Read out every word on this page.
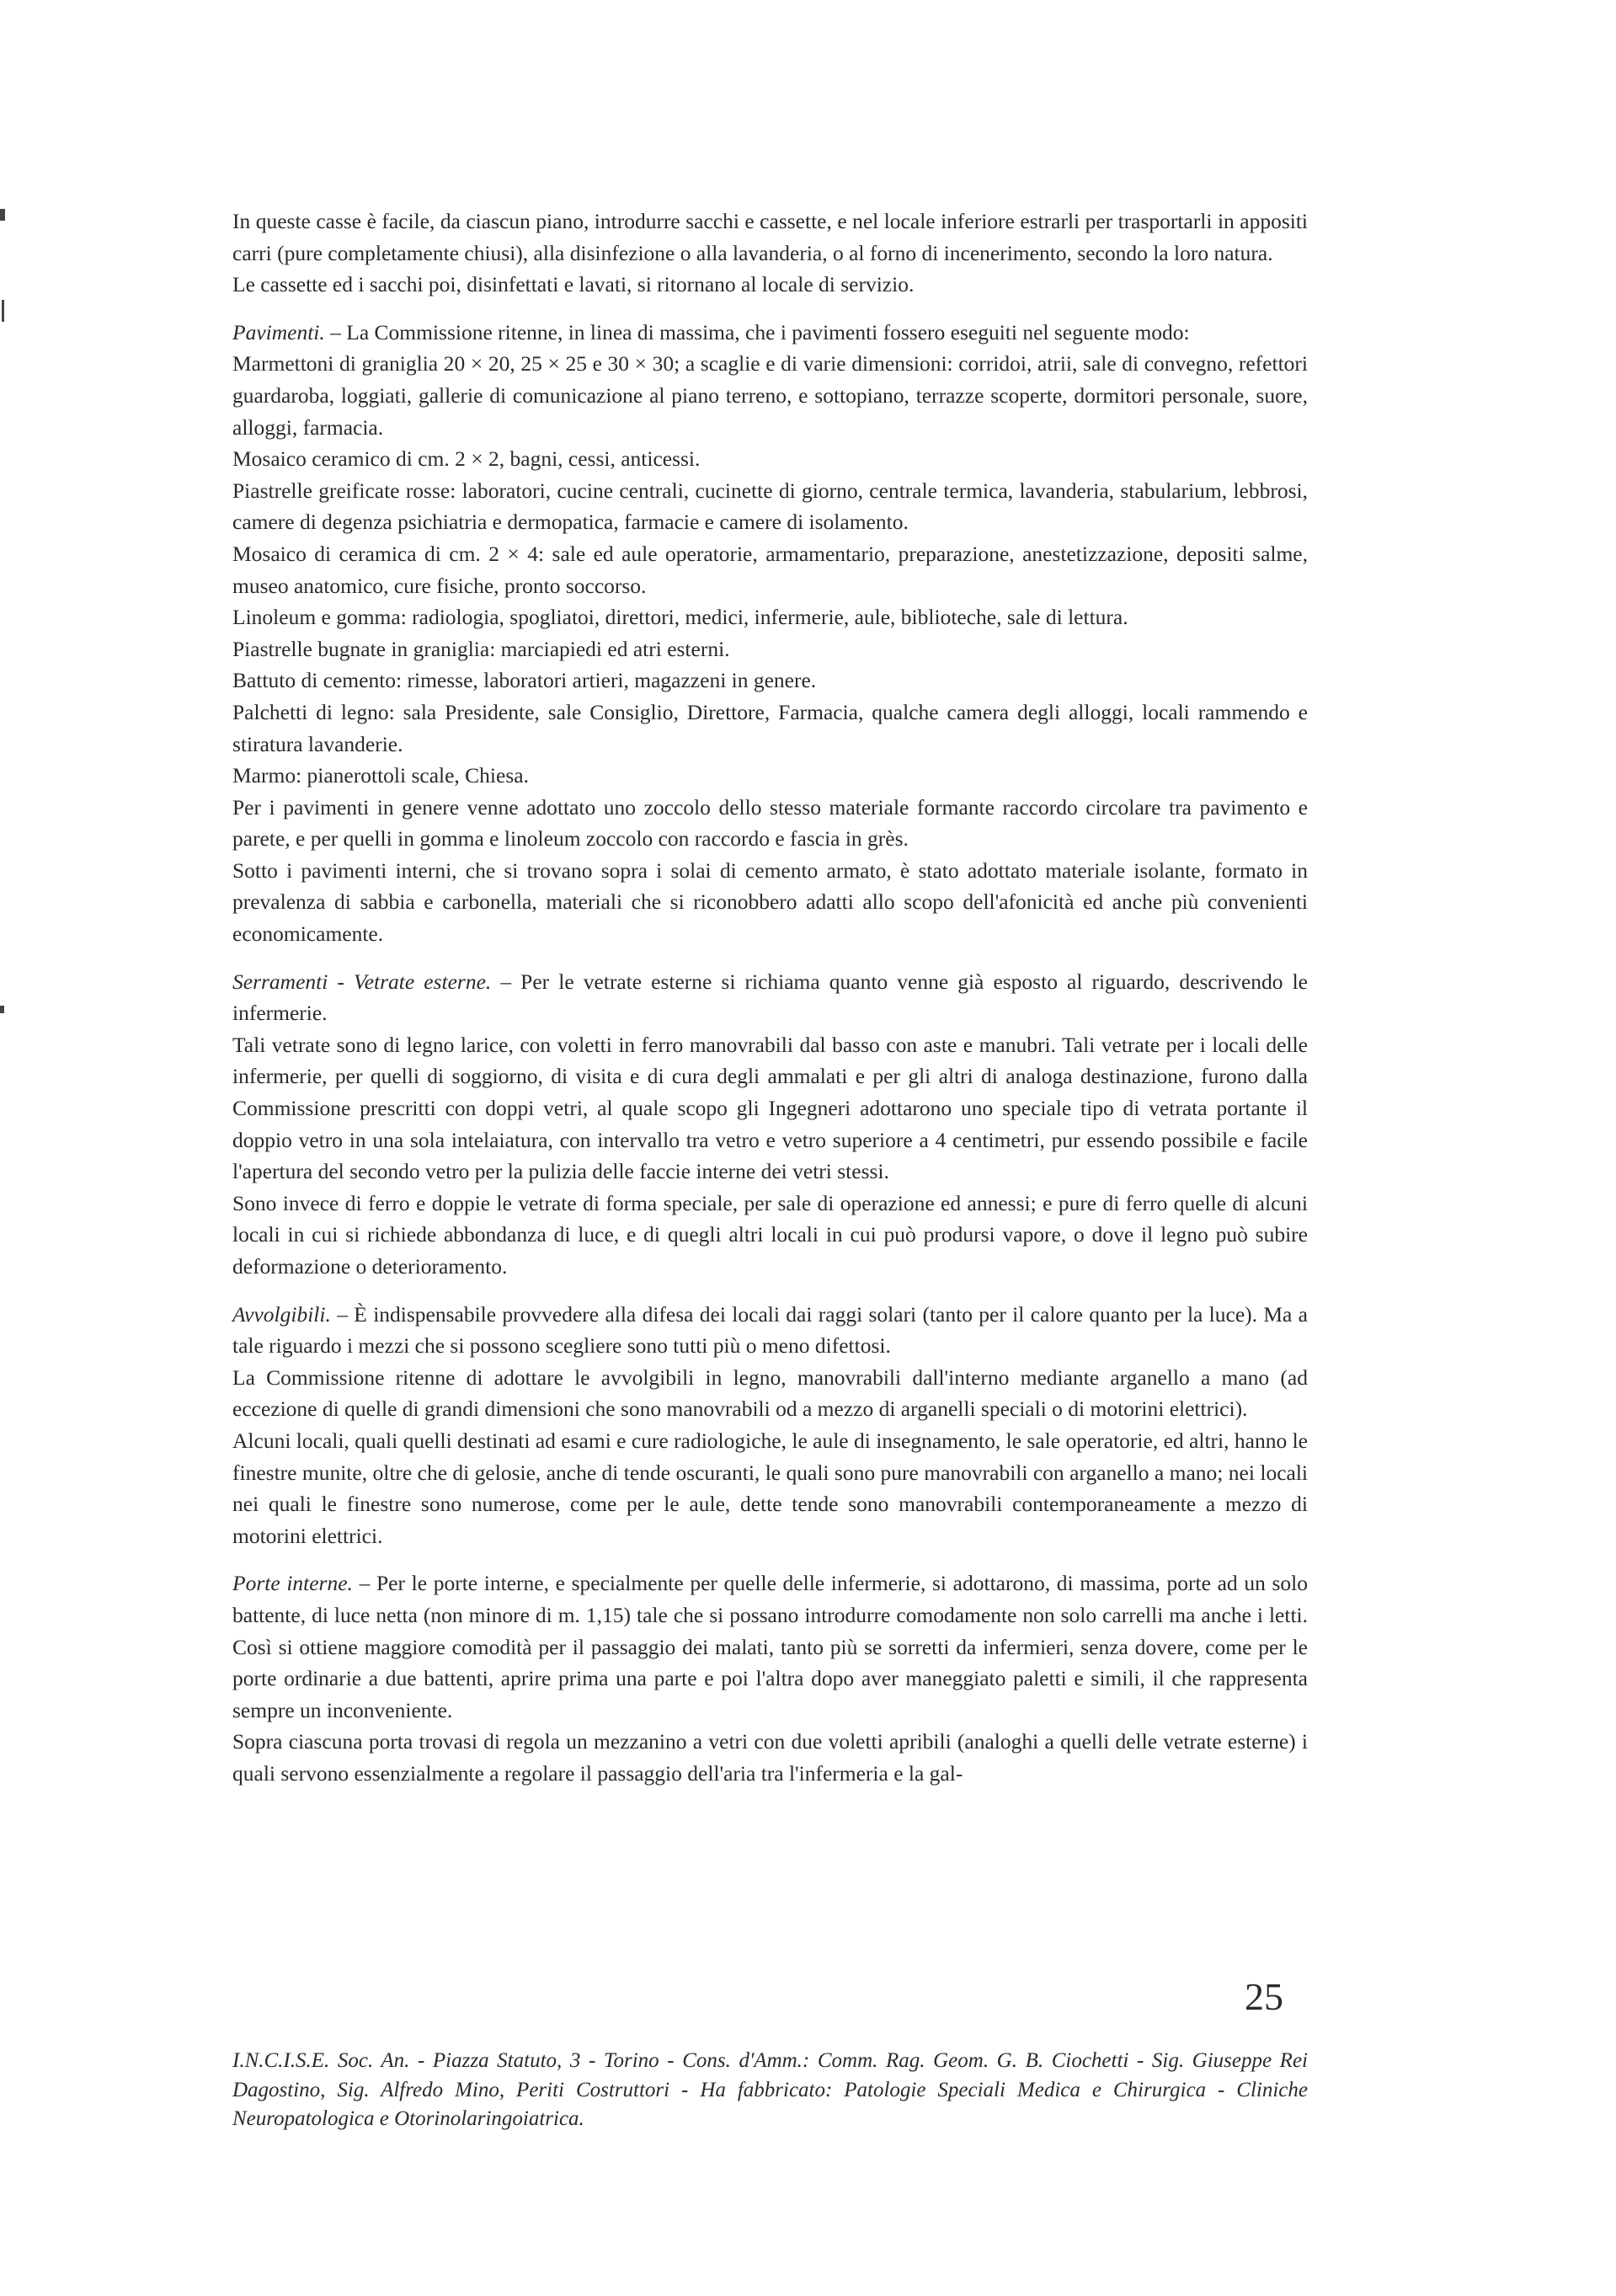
In queste casse è facile, da ciascun piano, introdurre sacchi e cassette, e nel locale inferiore estrarli per trasportarli in appositi carri (pure completamente chiusi), alla disinfezione o alla lavanderia, o al forno di incenerimento, secondo la loro natura.

Le cassette ed i sacchi poi, disinfettati e lavati, si ritornano al locale di servizio.

Pavimenti. – La Commissione ritenne, in linea di massima, che i pavimenti fossero eseguiti nel seguente modo:

Marmettoni di graniglia 20 × 20, 25 × 25 e 30 × 30; a scaglie e di varie dimensioni: corridoi, atrii, sale di convegno, refettori guardaroba, loggiati, gallerie di comunicazione al piano terreno, e sottopiano, terrazze scoperte, dormitori personale, suore, alloggi, farmacia.

Mosaico ceramico di cm. 2 × 2, bagni, cessi, anticessi.

Piastrelle greificate rosse: laboratori, cucine centrali, cucinette di giorno, centrale termica, lavanderia, stabularium, lebbrosi, camere di degenza psichiatria e dermopatica, farmacie e camere di isolamento.

Mosaico di ceramica di cm. 2 × 4: sale ed aule operatorie, armamentario, preparazione, anestetizzazione, depositi salme, museo anatomico, cure fisiche, pronto soccorso.

Linoleum e gomma: radiologia, spogliatoi, direttori, medici, infermerie, aule, biblioteche, sale di lettura.

Piastrelle bugnate in graniglia: marciapiedi ed atri esterni.

Battuto di cemento: rimesse, laboratori artieri, magazzeni in genere.

Palchetti di legno: sala Presidente, sale Consiglio, Direttore, Farmacia, qualche camera degli alloggi, locali rammendo e stiratura lavanderie.

Marmo: pianerottoli scale, Chiesa.

Per i pavimenti in genere venne adottato uno zoccolo dello stesso materiale formante raccordo circolare tra pavimento e parete, e per quelli in gomma e linoleum zoccolo con raccordo e fascia in grès.

Sotto i pavimenti interni, che si trovano sopra i solai di cemento armato, è stato adottato materiale isolante, formato in prevalenza di sabbia e carbonella, materiali che si riconobbero adatti allo scopo dell'afonicità ed anche più convenienti economicamente.

Serramenti - Vetrate esterne. – Per le vetrate esterne si richiama quanto venne già esposto al riguardo, descrivendo le infermerie.

Tali vetrate sono di legno larice, con voletti in ferro manovrabili dal basso con aste e manubri. Tali vetrate per i locali delle infermerie, per quelli di soggiorno, di visita e di cura degli ammalati e per gli altri di analoga destinazione, furono dalla Commissione prescritti con doppi vetri, al quale scopo gli Ingegneri adottarono uno speciale tipo di vetrata portante il doppio vetro in una sola intelaiatura, con intervallo tra vetro e vetro superiore a 4 centimetri, pur essendo possibile e facile l'apertura del secondo vetro per la pulizia delle faccie interne dei vetri stessi.

Sono invece di ferro e doppie le vetrate di forma speciale, per sale di operazione ed annessi; e pure di ferro quelle di alcuni locali in cui si richiede abbondanza di luce, e di quegli altri locali in cui può prodursi vapore, o dove il legno può subire deformazione o deterioramento.

Avvolgibili. – È indispensabile provvedere alla difesa dei locali dai raggi solari (tanto per il calore quanto per la luce). Ma a tale riguardo i mezzi che si possono scegliere sono tutti più o meno difettosi.

La Commissione ritenne di adottare le avvolgibili in legno, manovrabili dall'interno mediante arganello a mano (ad eccezione di quelle di grandi dimensioni che sono manovrabili od a mezzo di arganelli speciali o di motorini elettrici).

Alcuni locali, quali quelli destinati ad esami e cure radiologiche, le aule di insegnamento, le sale operatorie, ed altri, hanno le finestre munite, oltre che di gelosie, anche di tende oscuranti, le quali sono pure manovrabili con arganello a mano; nei locali nei quali le finestre sono numerose, come per le aule, dette tende sono manovrabili contemporaneamente a mezzo di motorini elettrici.

Porte interne. – Per le porte interne, e specialmente per quelle delle infermerie, si adottarono, di massima, porte ad un solo battente, di luce netta (non minore di m. 1,15) tale che si possano introdurre comodamente non solo carrelli ma anche i letti. Così si ottiene maggiore comodità per il passaggio dei malati, tanto più se sorretti da infermieri, senza dovere, come per le porte ordinarie a due battenti, aprire prima una parte e poi l'altra dopo aver maneggiato paletti e simili, il che rappresenta sempre un inconveniente.

Sopra ciascuna porta trovasi di regola un mezzanino a vetri con due voletti apribili (analoghi a quelli delle vetrate esterne) i quali servono essenzialmente a regolare il passaggio dell'aria tra l'infermeria e la gal-

25
I.N.C.I.S.E. Soc. An. - Piazza Statuto, 3 - Torino - Cons. d'Amm.: Comm. Rag. Geom. G. B. Ciochetti - Sig. Giuseppe Rei Dagostino, Sig. Alfredo Mino, Periti Costruttori - Ha fabbricato: Patologie Speciali Medica e Chirurgica - Cliniche Neuropatologica e Otorinolaringoiatrica.
